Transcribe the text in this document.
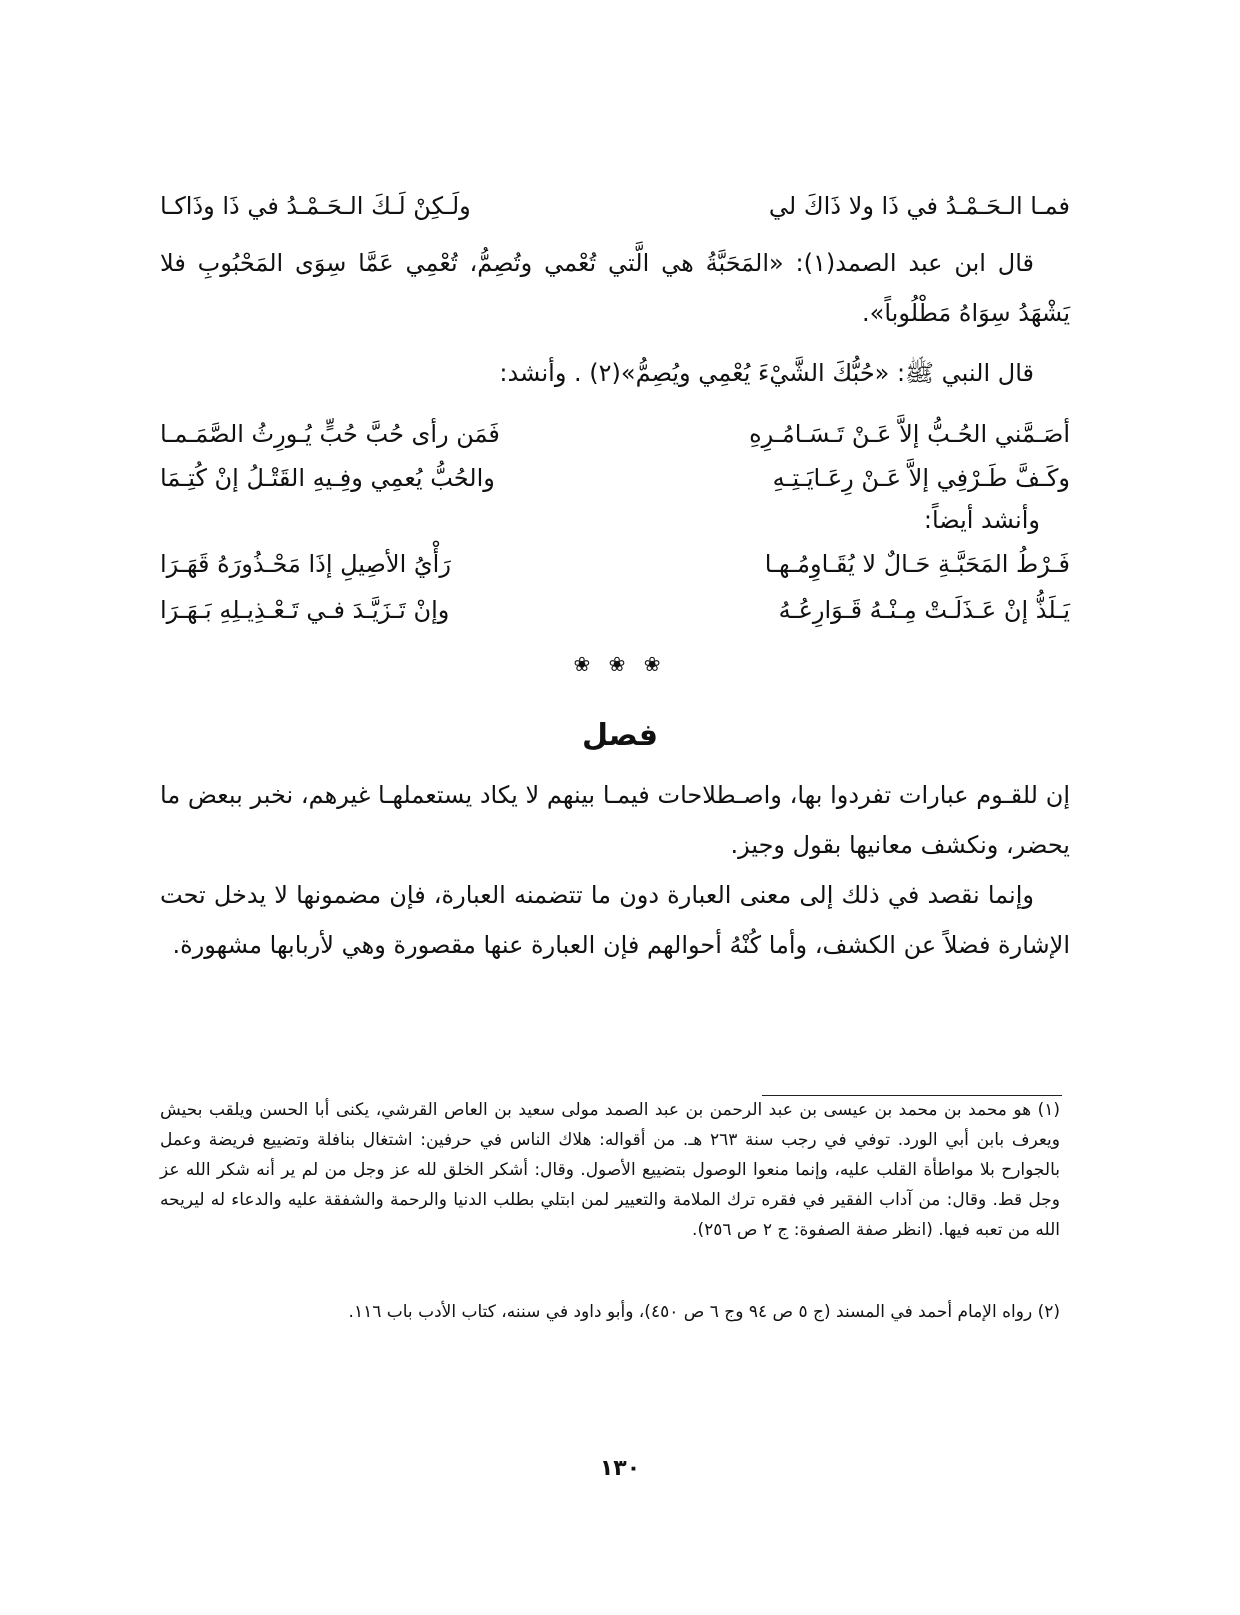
فمـا الـحَـمْـدُ في ذَا ولا ذَاكَ لي
ولَـكِنْ لَـكَ الـحَـمْـدُ في ذَا وذَاكـا

قال ابن عبد الصمد(١): «المَحَبَّةُ هي الَّتي تُعْمي وتُصِمُّ، تُعْمِي عَمَّا سِوَى المَحْبُوبِ فلا يَشْهَدُ سِوَاهُ مَطْلُوباً».

قال النبي ﷺ: «حُبُّكَ الشَّيْءَ يُعْمِي ويُصِمُّ»(٢) . وأنشد:

أصَـمَّني الحُـبُّ إلاَّ عَـنْ تَـسَـامُـرِهِ
فَمَن رأى حُبَّ حُبٍّ يُـورِثُ الصَّمَـمـا
وكَـفَّ طَـرْفِي إلاَّ عَـنْ رِعَـايَـتِـهِ
والحُبُّ يُعمِي وفِـيهِ القَتْـلُ إنْ كُتِـمَا
وأنشد أيضاً:
فَـرْطُ المَحَبَّـةِ حَـالٌ لا يُقَـاوِمُـهـا
رَأْيُ الأصِيلِ إذَا مَحْـذُورَهُ قَهَـرَا
يَـلَذُّ إنْ عَـذَلَـتْ مِـنْـهُ قَـوَارِعُـهُ
وإنْ تَـزَيَّـدَ فـي تَـعْـذِيـلِهِ بَـهَـرَا
❀ ❀ ❀
فصل

إن للقـوم عبارات تفردوا بها، واصـطلاحات فيمـا بينهم لا يكاد يستعملهـا غيرهم، نخبر ببعض ما يحضر، ونكشف معانيها بقول وجيز.

وإنما نقصد في ذلك إلى معنى العبارة دون ما تتضمنه العبارة، فإن مضمونها لا يدخل تحت الإشارة فضلاً عن الكشف، وأما كُنْهُ أحوالهم فإن العبارة عنها مقصورة وهي لأربابها مشهورة.

(١) هو محمد بن محمد بن عيسى بن عبد الرحمن بن عبد الصمد مولى سعيد بن العاص القرشي، يكنى أبا الحسن ويلقب بحيش ويعرف بابن أبي الورد. توفي في رجب سنة ٢٦٣ هـ. من أقواله: هلاك الناس في حرفين: اشتغال بنافلة وتضييع فريضة وعمل بالجوارح بلا مواطأة القلب عليه، وإنما منعوا الوصول بتضييع الأصول. وقال: أشكر الخلق لله عز وجل من لم ير أنه شكر الله عز وجل قط. وقال: من آداب الفقير في فقره ترك الملامة والتعيير لمن ابتلي بطلب الدنيا والرحمة والشفقة عليه والدعاء له ليريحه الله من تعبه فيها. (انظر صفة الصفوة: ج ٢ ص ٢٥٦).
(٢) رواه الإمام أحمد في المسند (ج ٥ ص ٩٤ وج ٦ ص ٤٥٠)، وأبو داود في سننه، كتاب الأدب باب ١١٦.
١٣٠
